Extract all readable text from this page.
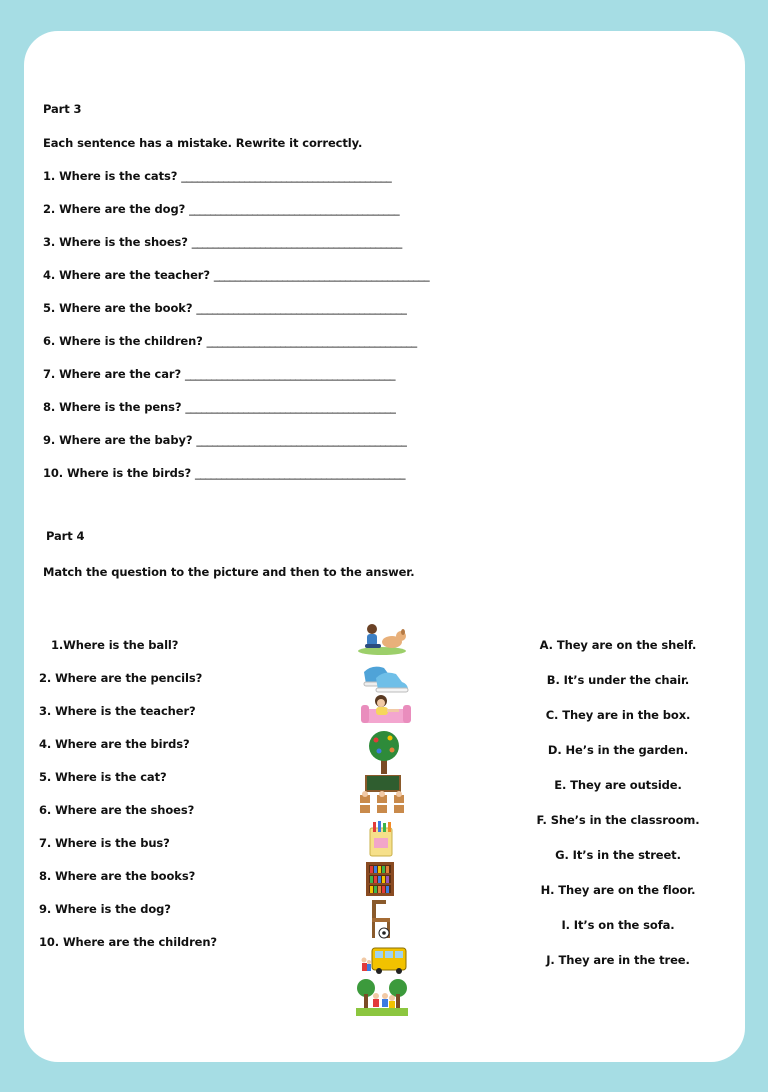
Part 3
Each sentence has a mistake. Rewrite it correctly.
1. Where is the cats? ________________________________________
2. Where are the dog? ________________________________________
3. Where is the shoes? ________________________________________
4. Where are the teacher? _________________________________________
5. Where are the book? ________________________________________
6. Where is the children? ________________________________________
7. Where are the car? ________________________________________
8. Where is the pens? ________________________________________
9. Where are the baby? ________________________________________
10. Where is the birds? ________________________________________
Part 4
Match the question to the picture and then to the answer.
1.Where is the ball?
2. Where are the pencils?
3. Where is the teacher?
4. Where are the birds?
5. Where is the cat?
6. Where are the shoes?
7. Where is the bus?
8. Where are the books?
9. Where is the dog?
10. Where are the children?
A. They are on the shelf.
B. It’s under the chair.
C. They are in the box.
D. He’s in the garden.
E. They are outside.
F. She’s in the classroom.
G. It’s in the street.
H. They are on the floor.
I. It’s on the sofa.
J. They are in the tree.
